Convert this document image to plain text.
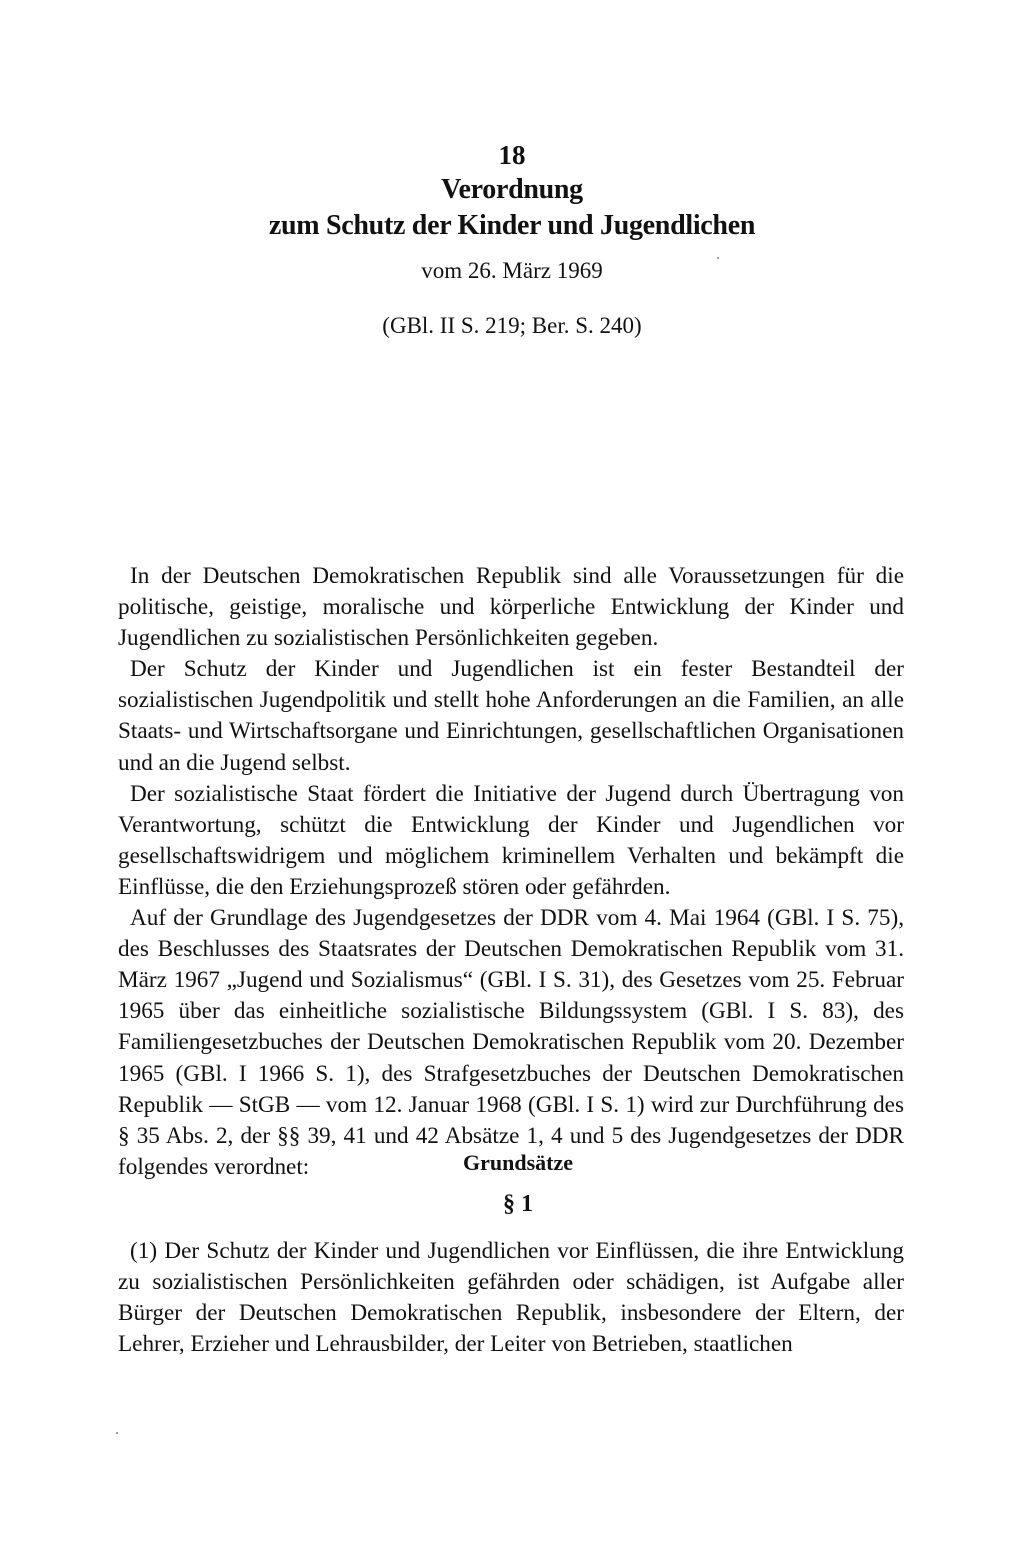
18
Verordnung
zum Schutz der Kinder und Jugendlichen
vom 26. März 1969
(GBl. II S. 219; Ber. S. 240)

In der Deutschen Demokratischen Republik sind alle Voraussetzungen für die politische, geistige, moralische und körperliche Entwicklung der Kinder und Jugendlichen zu sozialistischen Persönlichkeiten gegeben.

Der Schutz der Kinder und Jugendlichen ist ein fester Bestandteil der sozialistischen Jugendpolitik und stellt hohe Anforderungen an die Familien, an alle Staats- und Wirtschaftsorgane und Einrichtungen, gesellschaftlichen Organisationen und an die Jugend selbst.

Der sozialistische Staat fördert die Initiative der Jugend durch Übertragung von Verantwortung, schützt die Entwicklung der Kinder und Jugendlichen vor gesellschaftswidrigem und möglichem kriminellem Verhalten und bekämpft die Einflüsse, die den Erziehungsprozeß stören oder gefährden.

Auf der Grundlage des Jugendgesetzes der DDR vom 4. Mai 1964 (GBl. I S. 75), des Beschlusses des Staatsrates der Deutschen Demokratischen Republik vom 31. März 1967 „Jugend und Sozialismus“ (GBl. I S. 31), des Gesetzes vom 25. Februar 1965 über das einheitliche sozialistische Bildungssystem (GBl. I S. 83), des Familiengesetzbuches der Deutschen Demokratischen Republik vom 20. Dezember 1965 (GBl. I 1966 S. 1), des Strafgesetzbuches der Deutschen Demokratischen Republik — StGB — vom 12. Januar 1968 (GBl. I S. 1) wird zur Durchführung des § 35 Abs. 2, der §§ 39, 41 und 42 Absätze 1, 4 und 5 des Jugendgesetzes der DDR folgendes verordnet:	Grundsätze
§ 1

(1) Der Schutz der Kinder und Jugendlichen vor Einflüssen, die ihre Entwicklung zu sozialistischen Persönlichkeiten gefährden oder schädigen, ist Aufgabe aller Bürger der Deutschen Demokratischen Republik, insbesondere der Eltern, der Lehrer, Erzieher und Lehrausbilder, der Leiter von Betrieben, staatlichen
